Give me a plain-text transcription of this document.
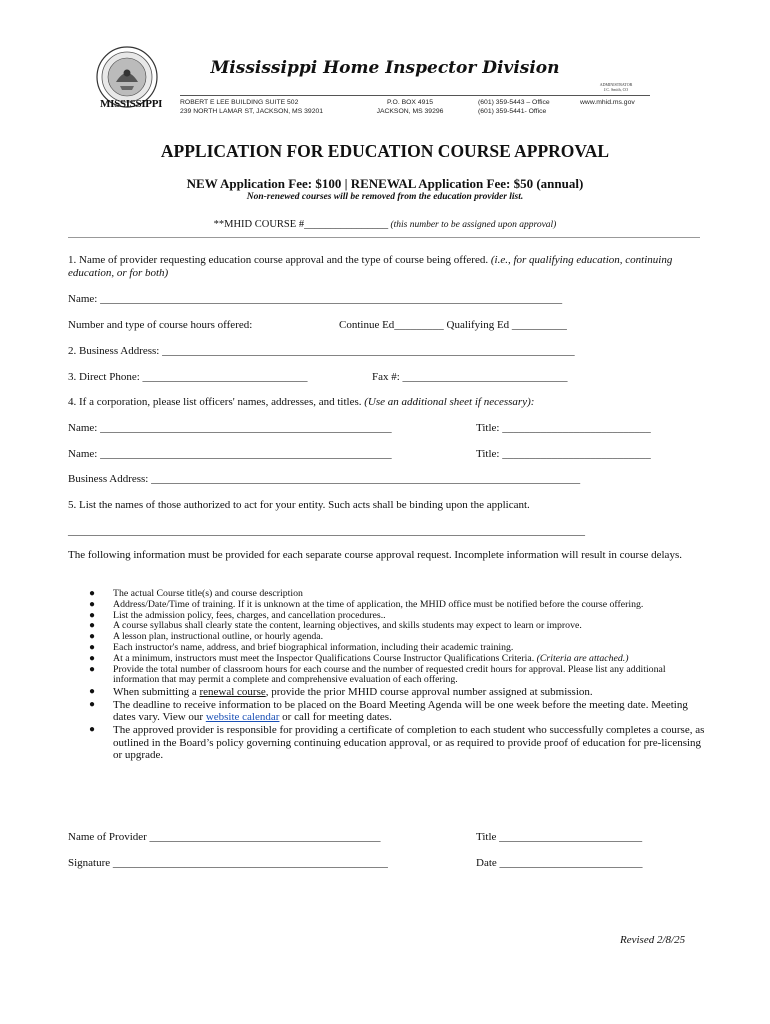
MISSISSIPPI
Mississippi Home Inspector Division
ADMINISTRATOR
J.C. Smith, CO
ROBERT E LEE BUILDING SUITE 502
239 NORTH LAMAR ST, JACKSON, MS 39201
P.O. BOX 4915
JACKSON, MS 39296
(601) 359-5443 – Office
(601) 359-5441- Office
www.mhid.ms.gov
APPLICATION FOR EDUCATION COURSE APPROVAL
NEW Application Fee: $100 | RENEWAL Application Fee: $50 (annual)
Non-renewed courses will be removed from the education provider list.
**MHID COURSE #________________ (this number to be assigned upon approval)
1. Name of provider requesting education course approval and the type of course being offered. (i.e., for qualifying education, continuing education, or for both)
Name: ____________________________________________________________________________________
Number and type of course hours offered:	Continue Ed_________ Qualifying Ed __________
2. Business Address: ___________________________________________________________________________
3. Direct Phone: ______________________________	Fax #: ______________________________
4. If a corporation, please list officers' names, addresses, and titles. (Use an additional sheet if necessary):
Name: _____________________________________________________	Title: ___________________________
Name: _____________________________________________________	Title: ___________________________
Business Address: ______________________________________________________________________________
5. List the names of those authorized to act for your entity. Such acts shall be binding upon the applicant.
______________________________________________________________________________________________
The following information must be provided for each separate course approval request. Incomplete information will result in course delays.
● The actual Course title(s) and course description
● Address/Date/Time of training. If it is unknown at the time of application, the MHID office must be notified before the course offering.
● List the admission policy, fees, charges, and cancellation procedures..
● A course syllabus shall clearly state the content, learning objectives, and skills students may expect to learn or improve.
● A lesson plan, instructional outline, or hourly agenda.
● Each instructor's name, address, and brief biographical information, including their academic training.
● At a minimum, instructors must meet the Inspector Qualifications Course Instructor Qualifications Criteria. (Criteria are attached.)
● Provide the total number of classroom hours for each course and the number of requested credit hours for approval. Please list any additional information that may permit a complete and comprehensive evaluation of each offering.
● When submitting a renewal course, provide the prior MHID course approval number assigned at submission.
● The deadline to receive information to be placed on the Board Meeting Agenda will be one week before the meeting date. Meeting dates vary. View our website calendar or call for meeting dates.
● The approved provider is responsible for providing a certificate of completion to each student who successfully completes a course, as outlined in the Board’s policy governing continuing education approval, or as required to provide proof of education for pre-licensing or upgrade.
Name of Provider __________________________________________	Title __________________________
Signature __________________________________________________	Date __________________________
Revised 2/8/25
